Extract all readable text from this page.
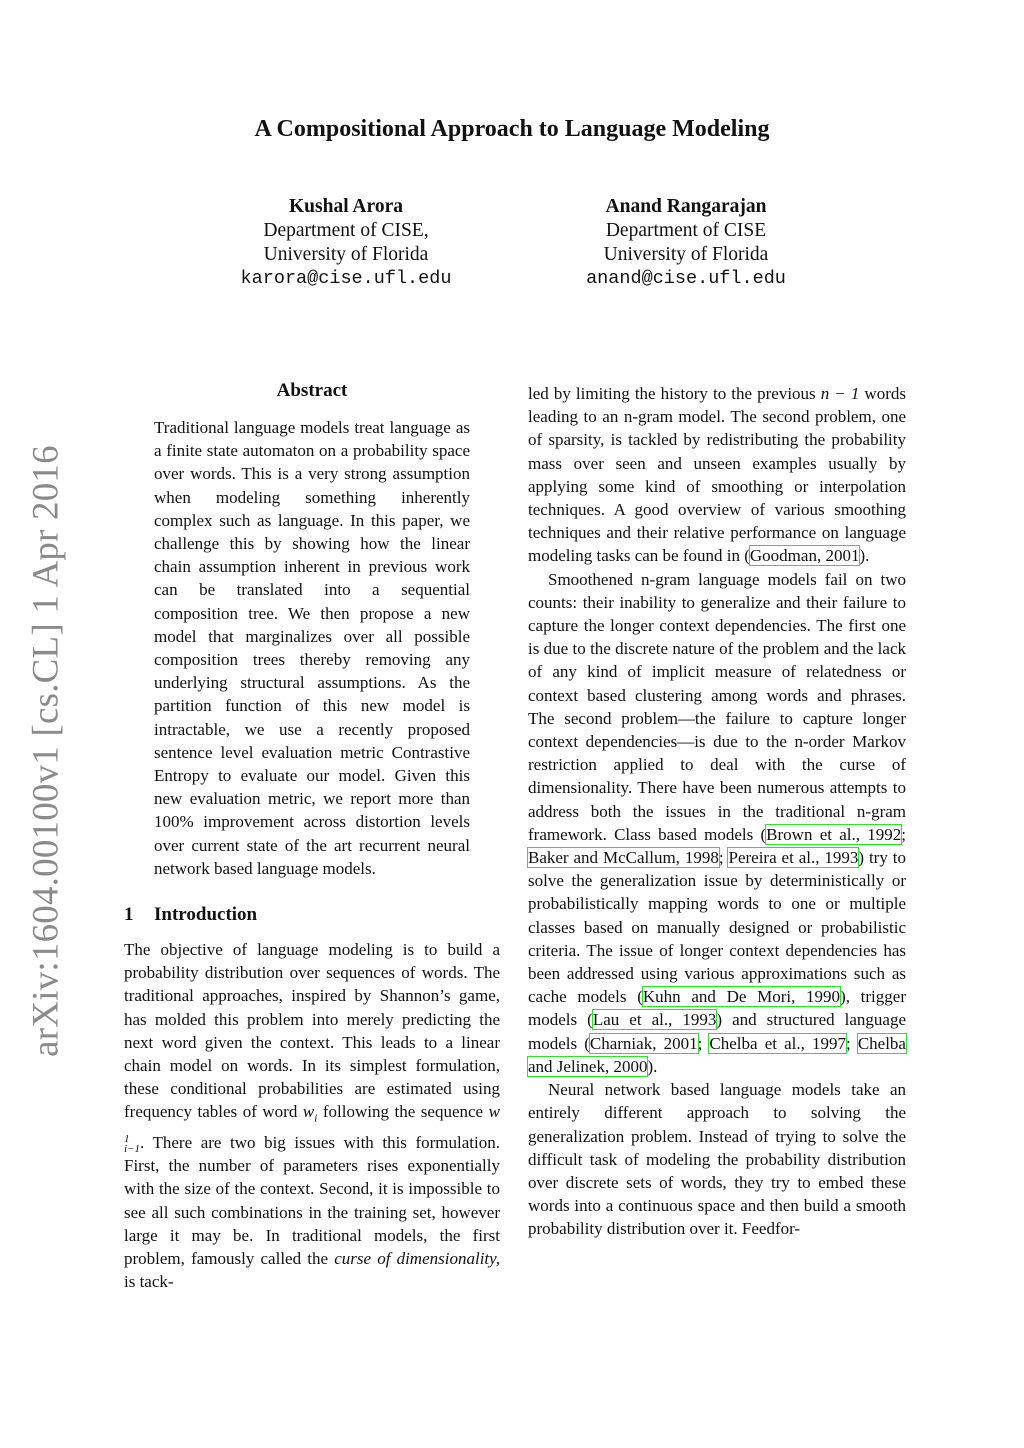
arXiv:1604.00100v1 [cs.CL] 1 Apr 2016
A Compositional Approach to Language Modeling
Kushal Arora
Department of CISE,
University of Florida
karora@cise.ufl.edu
Anand Rangarajan
Department of CISE
University of Florida
anand@cise.ufl.edu
Abstract

Traditional language models treat language as a finite state automaton on a probability space over words. This is a very strong assumption when modeling something inherently complex such as language. In this paper, we challenge this by showing how the linear chain assumption inherent in previous work can be translated into a sequential composition tree. We then propose a new model that marginalizes over all possible composition trees thereby removing any underlying structural assumptions. As the partition function of this new model is intractable, we use a recently proposed sentence level evaluation metric Contrastive Entropy to evaluate our model. Given this new evaluation metric, we report more than 100% improvement across distortion levels over current state of the art recurrent neural network based language models.

1 Introduction

The objective of language modeling is to build a probability distribution over sequences of words. The traditional approaches, inspired by Shannon’s game, has molded this problem into merely predicting the next word given the context. This leads to a linear chain model on words. In its simplest formulation, these conditional probabilities are estimated using frequency tables of word $w_i$ following the sequence w
1
i−1 . There are two big issues with this formulation. First, the number of parameters rises exponentially with the size of the context. Second, it is impossible to see all such combinations in the training set, however large it may be. In traditional models, the first problem, famously called the curse of dimensionality, is tack-

led by limiting the history to the previous n − 1 words leading to an n-gram model. The second problem, one of sparsity, is tackled by redistributing the probability mass over seen and unseen examples usually by applying some kind of smoothing or interpolation techniques. A good overview of various smoothing techniques and their relative performance on language modeling tasks can be found in (Goodman, 2001).

Smoothened n-gram language models fail on two counts: their inability to generalize and their failure to capture the longer context dependencies. The first one is due to the discrete nature of the problem and the lack of any kind of implicit measure of relatedness or context based clustering among words and phrases. The second problem—the failure to capture longer context dependencies—is due to the n-order Markov restriction applied to deal with the curse of dimensionality. There have been numerous attempts to address both the issues in the traditional n-gram framework. Class based models (Brown et al., 1992; Baker and McCallum, 1998; Pereira et al., 1993) try to solve the generalization issue by deterministically or probabilistically mapping words to one or multiple classes based on manually designed or probabilistic criteria. The issue of longer context dependencies has been addressed using various approximations such as cache models (Kuhn and De Mori, 1990), trigger models (Lau et al., 1993) and structured language models (Charniak, 2001; Chelba et al., 1997; Chelba and Jelinek, 2000).

Neural network based language models take an entirely different approach to solving the generalization problem. Instead of trying to solve the difficult task of modeling the probability distribution over discrete sets of words, they try to embed these words into a continuous space and then build a smooth probability distribution over it. Feedfor-
